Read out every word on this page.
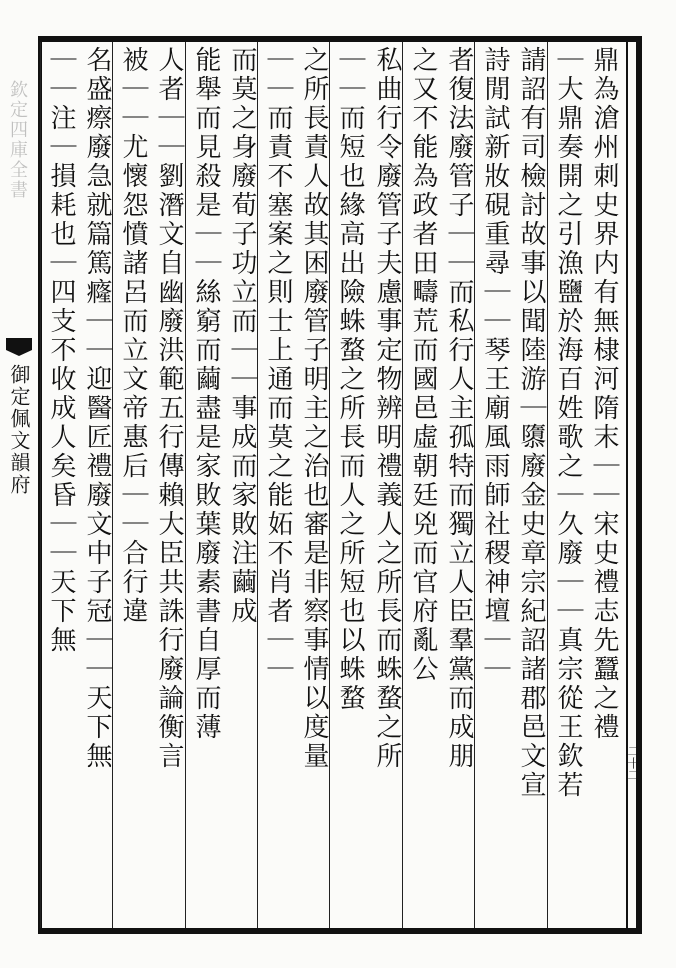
欽定四庫全書
御定佩文韻府
二十二
鼎為滄州刺史界内有無棣河隋末｜｜宋史禮志先蠶之禮
｜大鼎奏開之引漁鹽於海百姓歌之｜久廢｜｜真宗從王欽若
請詔有司檢討故事以聞陸游｜隳廢金史章宗紀詔諸郡邑文宣
詩閒試新妝硯重尋｜｜琴王廟風雨師社稷神壇｜｜
者復法廢管子｜｜而私行人主孤特而獨立人臣羣黨而成朋
之又不能為政者田疇荒而國邑虛朝廷兇而官府亂公
私曲行令廢管子夫慮事定物辨明禮義人之所長而蛛蝥之所
｜｜而短也緣高出險蛛蝥之所長而人之所短也以蛛蝥
之所長責人故其困廢管子明主之治也審是非察事情以度量
｜｜而責不塞案之則士上通而莫之能妬不肖者｜｜
而莫之身廢荀子功立而｜｜事成而家敗注繭成
能舉而見殺是｜｜絲窮而繭盡是家敗葉廢素書自厚而薄
人者｜｜劉潛文自幽廢洪範五行傳賴大臣共誅行廢論衡言
被｜｜尤懷怨憤諸呂而立文帝惠后｜｜合行違
名盛瘵廢急就篇篤癃｜｜迎醫匠禮廢文中子冠｜｜天下無
｜｜注｜損耗也｜四支不收成人矣昏｜｜天下無
